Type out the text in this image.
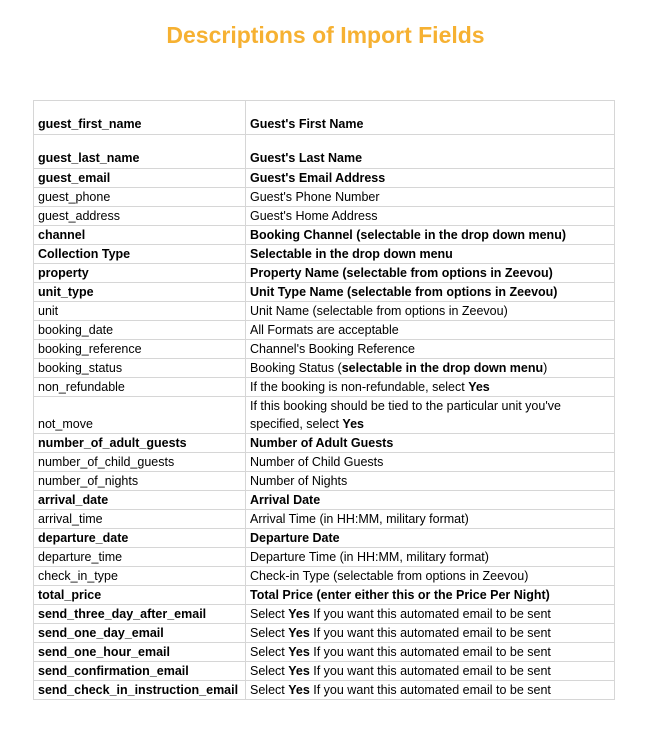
Descriptions of Import Fields
guest_first_name	Guest's First Name
guest_last_name	Guest's Last Name
guest_email	Guest's Email Address
guest_phone	Guest's Phone Number
guest_address	Guest's Home Address
channel	Booking Channel (selectable in the drop down menu)
Collection Type	Selectable in the drop down menu
property	Property Name (selectable from options in Zeevou)
unit_type	Unit Type Name (selectable from options in Zeevou)
unit	Unit Name (selectable from options in Zeevou)
booking_date	All Formats are acceptable
booking_reference	Channel's Booking Reference
booking_status	Booking Status (selectable in the drop down menu)
non_refundable	If the booking is non-refundable, select Yes
not_move	If this booking should be tied to the particular unit you've specified, select Yes
number_of_adult_guests	Number of Adult Guests
number_of_child_guests	Number of Child Guests
number_of_nights	Number of Nights
arrival_date	Arrival Date
arrival_time	Arrival Time (in HH:MM, military format)
departure_date	Departure Date
departure_time	Departure Time (in HH:MM, military format)
check_in_type	Check-in Type (selectable from options in Zeevou)
total_price	Total Price (enter either this or the Price Per Night)
send_three_day_after_email	Select Yes If you want this automated email to be sent
send_one_day_email	Select Yes If you want this automated email to be sent
send_one_hour_email	Select Yes If you want this automated email to be sent
send_confirmation_email	Select Yes If you want this automated email to be sent
send_check_in_instruction_email	Select Yes If you want this automated email to be sent
